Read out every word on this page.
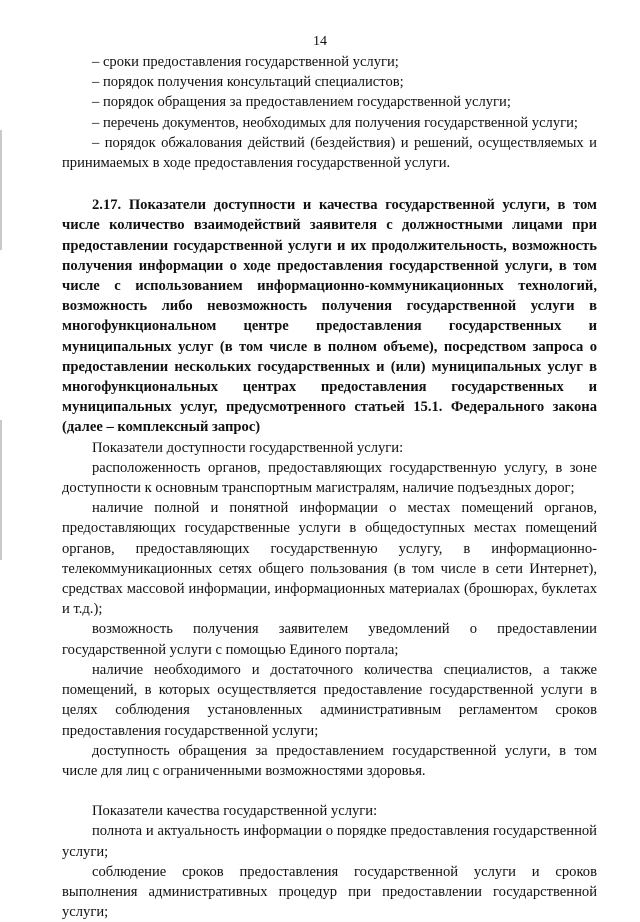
14

– сроки предоставления государственной услуги;

– порядок получения консультаций специалистов;

– порядок обращения за предоставлением государственной услуги;

– перечень документов, необходимых для получения государственной услуги;

– порядок обжалования действий (бездействия) и решений, осуществляемых и принимаемых в ходе предоставления государственной услуги.

2.17. Показатели доступности и качества государственной услуги, в том числе количество взаимодействий заявителя с должностными лицами при предоставлении государственной услуги и их продолжительность, возможность получения информации о ходе предоставления государственной услуги, в том числе с использованием информационно-коммуникационных технологий, возможность либо невозможность получения государственной услуги в многофункциональном центре предоставления государственных и муниципальных услуг (в том числе в полном объеме), посредством запроса о предоставлении нескольких государственных и (или) муниципальных услуг в многофункциональных центрах предоставления государственных и муниципальных услуг, предусмотренного статьей 15.1. Федерального закона (далее – комплексный запрос)

Показатели доступности государственной услуги:

расположенность органов, предоставляющих государственную услугу, в зоне доступности к основным транспортным магистралям, наличие подъездных дорог;

наличие полной и понятной информации о местах помещений органов, предоставляющих государственные услуги в общедоступных местах помещений органов, предоставляющих государственную услугу, в информационно-телекоммуникационных сетях общего пользования (в том числе в сети Интернет), средствах массовой информации, информационных материалах (брошюрах, буклетах и т.д.);

возможность получения заявителем уведомлений о предоставлении государственной услуги с помощью Единого портала;

наличие необходимого и достаточного количества специалистов, а также помещений, в которых осуществляется предоставление государственной услуги в целях соблюдения установленных административным регламентом сроков предоставления государственной услуги;

доступность обращения за предоставлением государственной услуги, в том числе для лиц с ограниченными возможностями здоровья.

Показатели качества государственной услуги:

полнота и актуальность информации о порядке предоставления государственной услуги;

соблюдение сроков предоставления государственной услуги и сроков выполнения административных процедур при предоставлении государственной услуги;
